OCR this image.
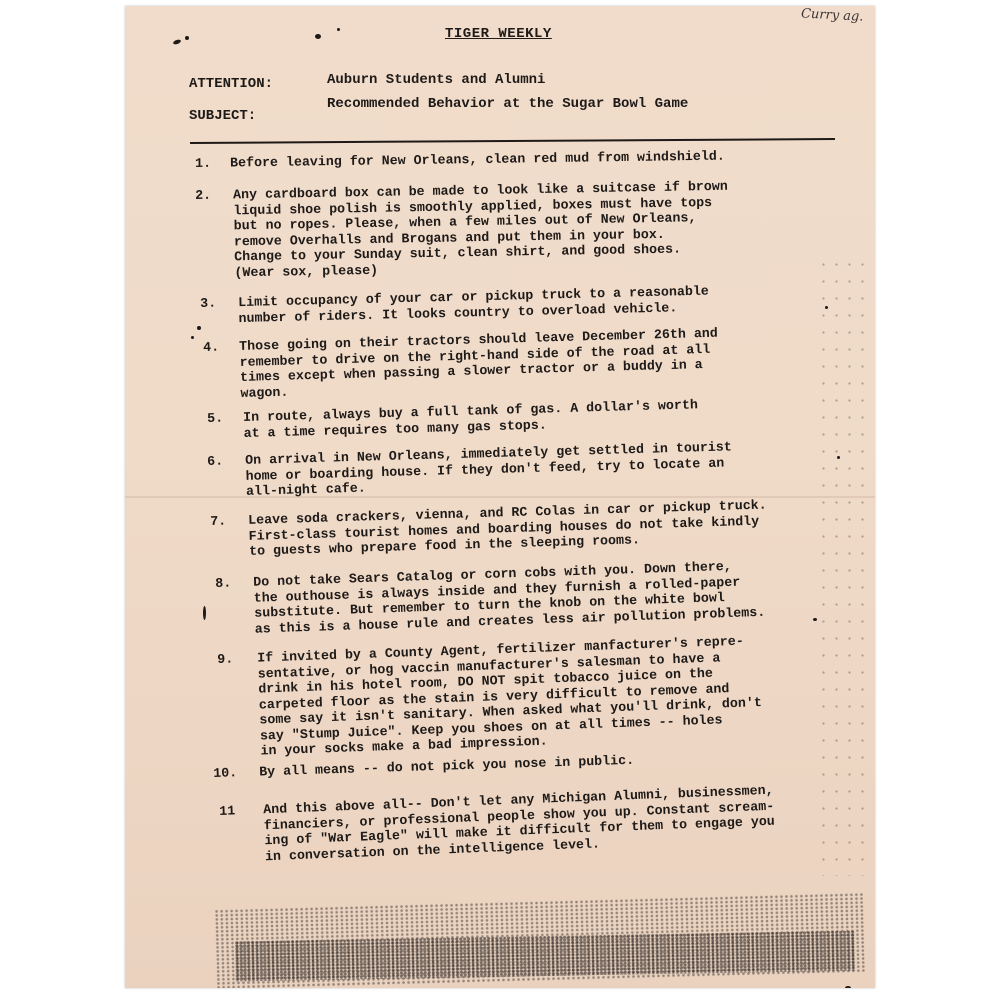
Curry ag.
TIGER WEEKLY
ATTENTION:	Auburn Students and Alumni
SUBJECT:
Recommended Behavior at the Sugar Bowl Game
1. Before leaving for New Orleans, clean red mud from windshield.
2. Any cardboard box can be made to look like a suitcase if brown
liquid shoe polish is smoothly applied, boxes must have tops
but no ropes. Please, when a few miles out of New Orleans,
remove Overhalls and Brogans and put them in your box.
Change to your Sunday suit, clean shirt, and good shoes.
(Wear sox, please)
3. Limit occupancy of your car or pickup truck to a reasonable
number of riders. It looks country to overload vehicle.
4. Those going on their tractors should leave December 26th and
remember to drive on the right-hand side of the road at all
times except when passing a slower tractor or a buddy in a
wagon.
5. In route, always buy a full tank of gas. A dollar's worth
at a time requires too many gas stops.
6. On arrival in New Orleans, immediately get settled in tourist
home or boarding house. If they don't feed, try to locate an
all-night cafe.
7. Leave soda crackers, vienna, and RC Colas in car or pickup truck.
First-class tourist homes and boarding houses do not take kindly
to guests who prepare food in the sleeping rooms.
8. Do not take Sears Catalog or corn cobs with you. Down there,
the outhouse is always inside and they furnish a rolled-paper
substitute. But remember to turn the knob on the white bowl
as this is a house rule and creates less air pollution problems.
9. If invited by a County Agent, fertilizer manfacturer's repre-
sentative, or hog vaccin manufacturer's salesman to have a
drink in his hotel room, DO NOT spit tobacco juice on the
carpeted floor as the stain is very difficult to remove and
some say it isn't sanitary. When asked what you'll drink, don't
say "Stump Juice". Keep you shoes on at all times -- holes
in your socks make a bad impression.
10. By all means -- do not pick you nose in public.
11 And this above all-- Don't let any Michigan Alumni, businessmen,
financiers, or professional people show you up. Constant scream-
ing of "War Eagle" will make it difficult for them to engage you
in conversation on the intelligence level.
